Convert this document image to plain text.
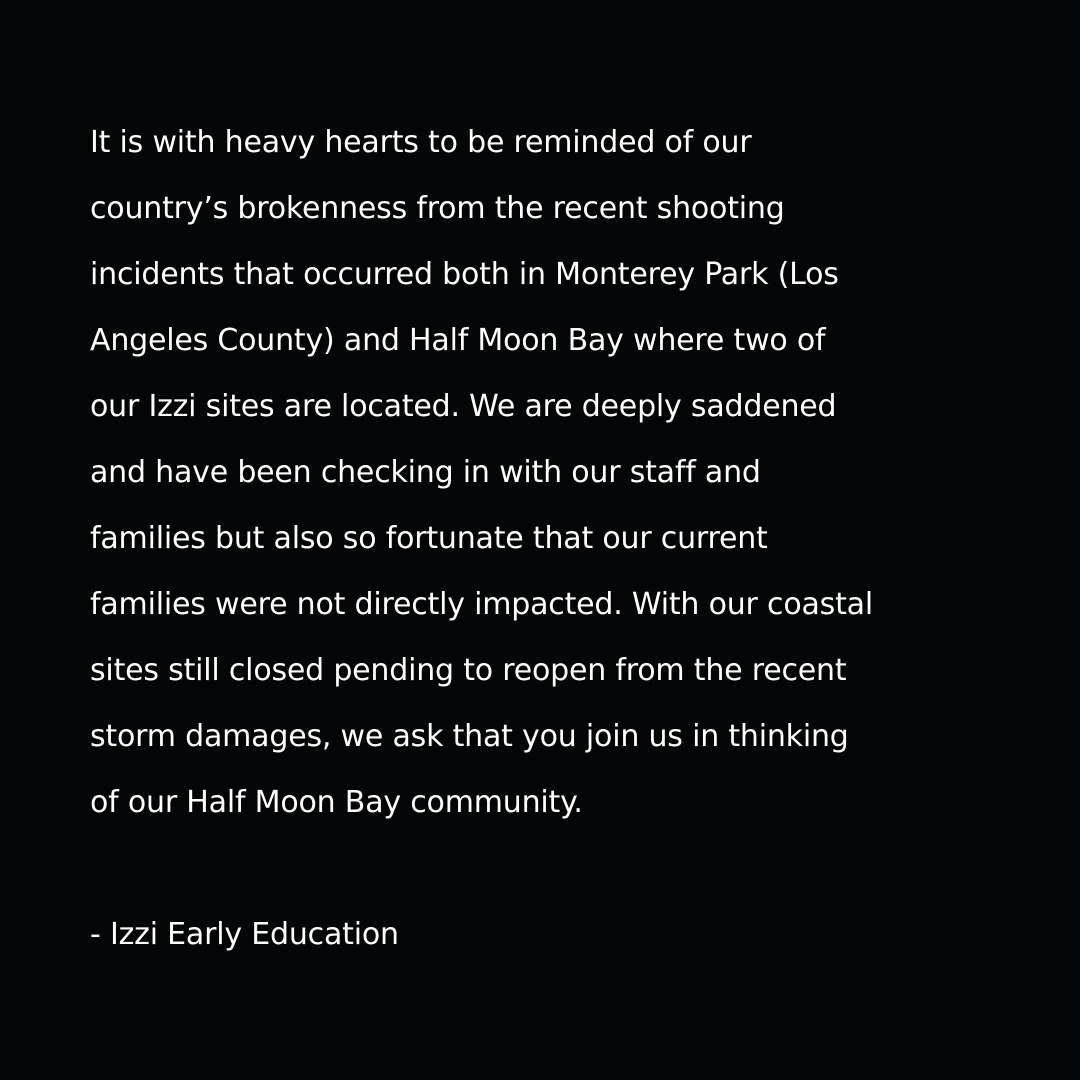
It is with heavy hearts to be reminded of our
country’s brokenness from the recent shooting
incidents that occurred both in Monterey Park (Los
Angeles County) and Half Moon Bay where two of
our Izzi sites are located. We are deeply saddened
and have been checking in with our staff and
families but also so fortunate that our current
families were not directly impacted. With our coastal
sites still closed pending to reopen from the recent
storm damages, we ask that you join us in thinking
of our Half Moon Bay community.
- Izzi Early Education
